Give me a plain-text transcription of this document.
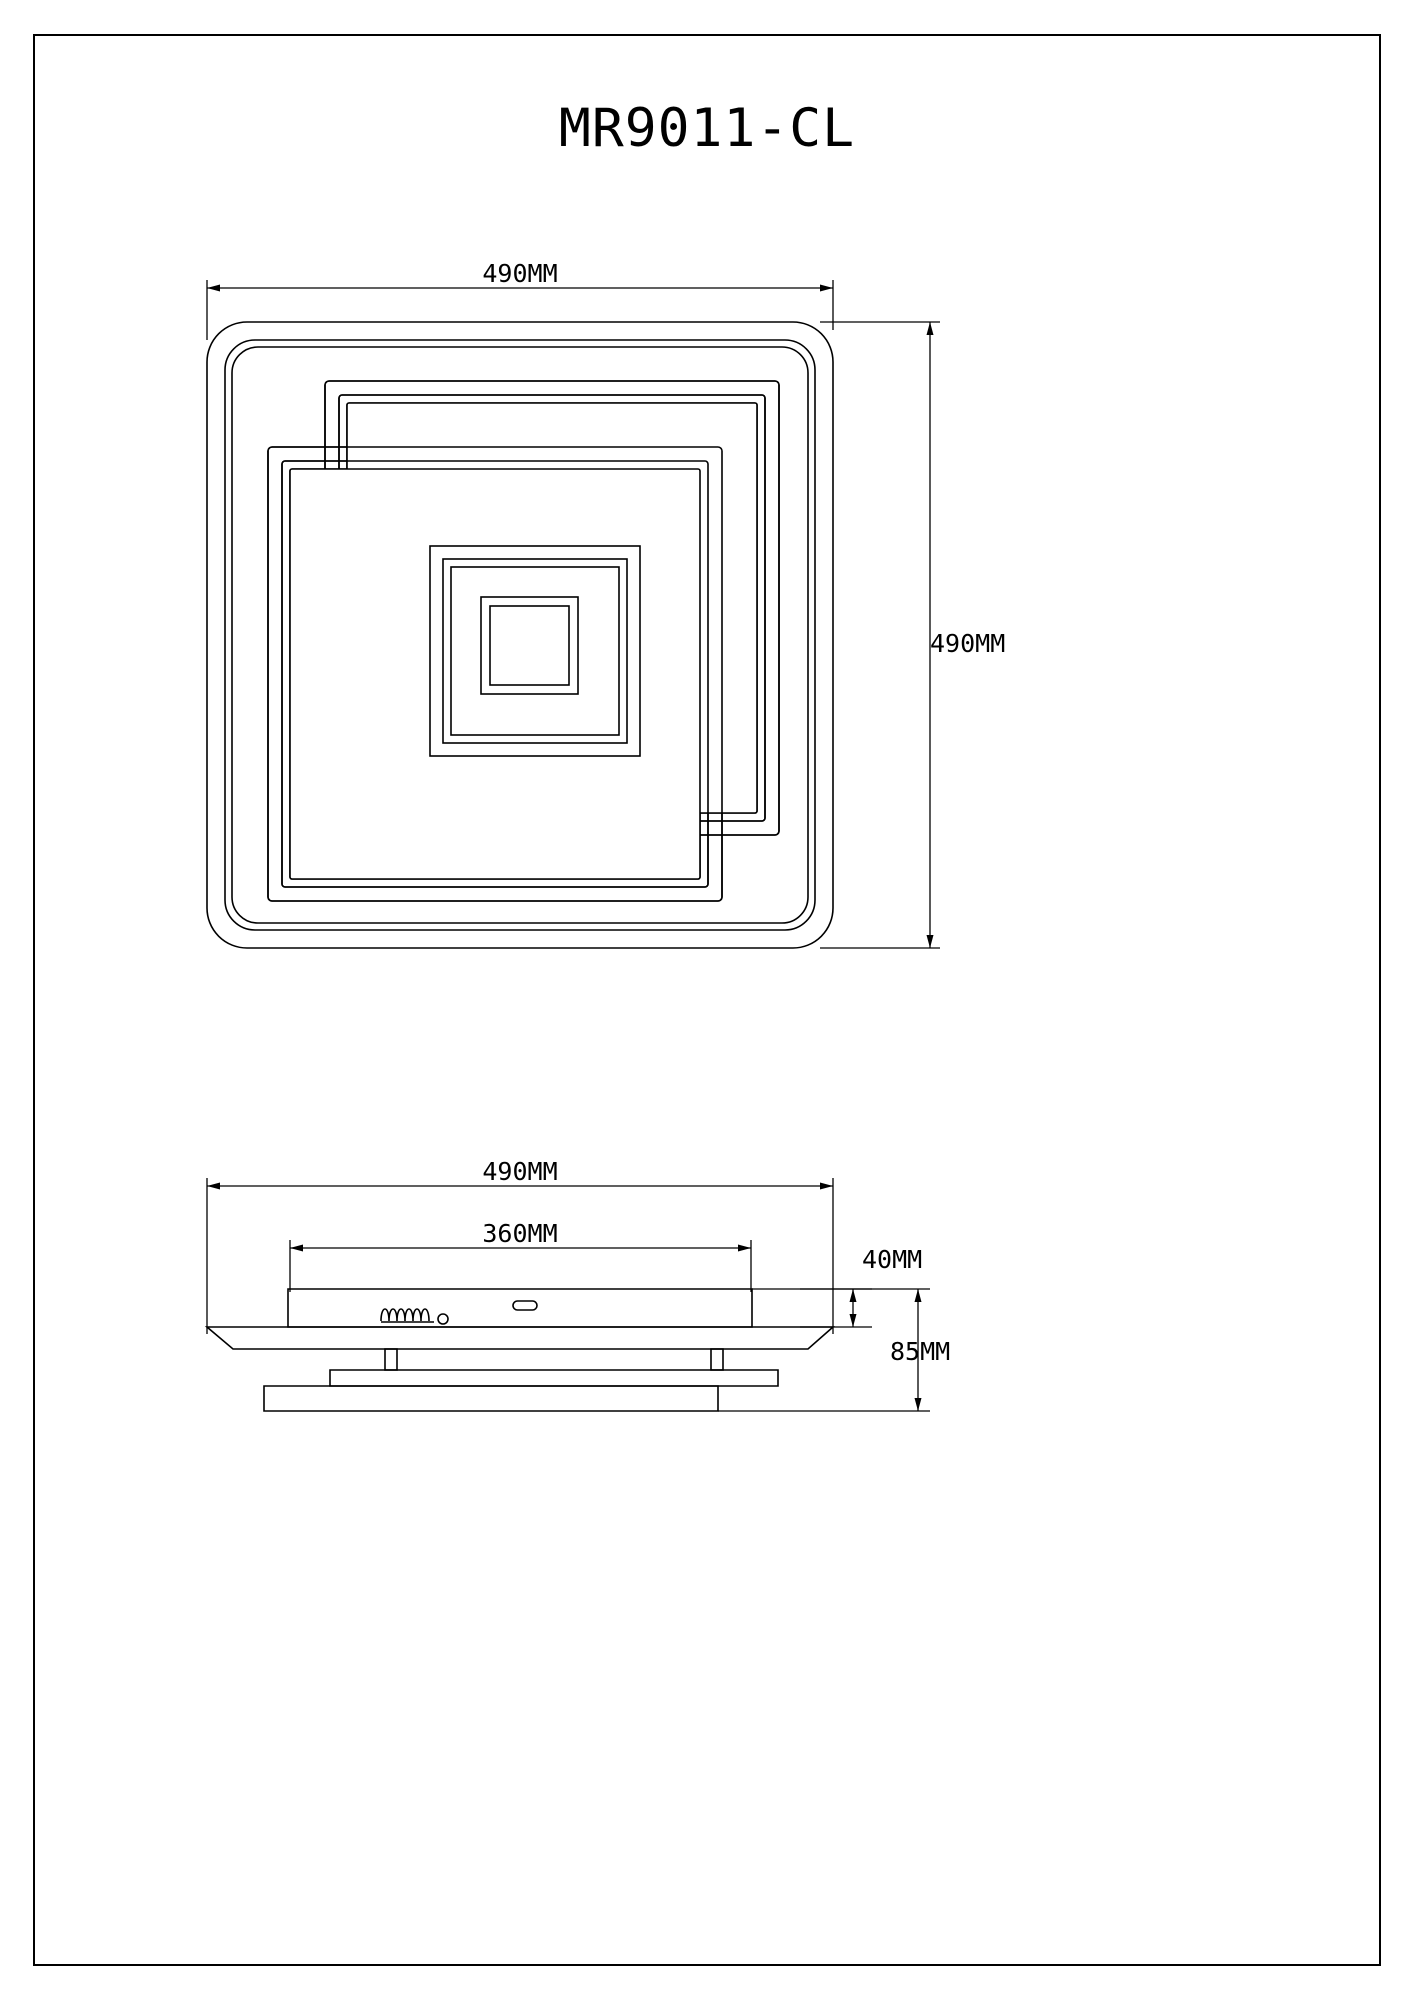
MR9011-CL
490MM
490MM
490MM
360MM
40MM
85MM
